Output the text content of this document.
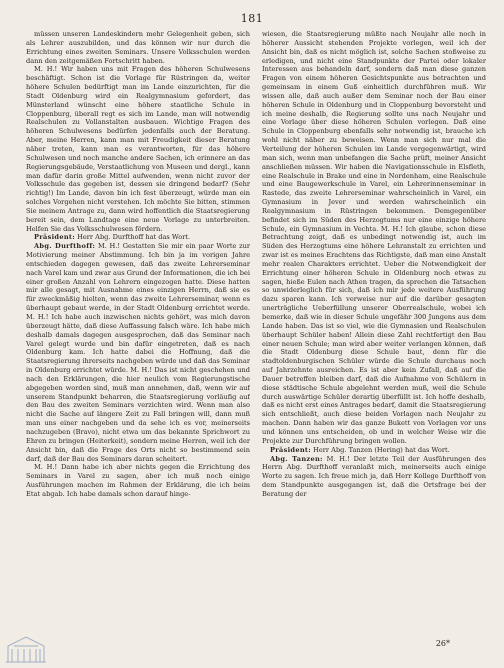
181

müssen unseren Landeskindern mehr Gelegenheit geben, sich als Lehrer auszubilden, und das können wir nur durch die Errichtung eines zweiten Seminars. Unsere Volksschulen werden dann den zeitgemäßen Fortschritt haben.

M. H.! Wir haben uns mit Fragen des höheren Schulwesens beschäftigt. Schon ist die Vorlage für Rüstringen da, weiter höhere Schulen bedürftigt man im Lande einzurichten, für die Stadt Oldenburg wird ein Realgymnasium gefordert, das Münsterland wünscht eine höhere staatliche Schule in Cloppenburg, überall regt es sich im Lande, man will notwendig Realschulen zu Vollanstalten ausbauen. Wichtige Fragen des höheren Schulwesens bedürfen jedenfalls auch der Beratung. Aber, meine Herren, kann man mit Freudigkeit dieser Beratung näher treten, kann man es verantworten, für das höhere Schulwesen und noch manche andere Sachen, ich erinnere an das Regierungsgebäude, Verstaatlichung von Museen und dergl., kann man dafür darin große Mittel aufwenden, wenn nicht zuvor der Volksschule das gegeben ist, dessen sie dringend bedarf? (Sehr richtig!) Im Lande, davon bin ich fest überzeugt, würde man ein solches Vorgehen nicht verstehen. Ich möchte Sie bitten, stimmen Sie meinem Antrage zu, dann wird hoffentlich die Staatsregierung bereit sein, dem Landtage eine neue Vorlage zu unterbreiten. Helfen Sie das Volksschulwesen fördern.

Präsident: Herr Abg. Durfthoff hat das Wort.

Abg. Durfthoff: M. H.! Gestatten Sie mir ein paar Worte zur Motivierung meiner Abstimmung. Ich bin ja im vorigen Jahre entschieden dagegen gewesen, daß das zweite Lehrerseminar nach Varel kam und zwar aus Grund der Informationen, die ich bei einer großen Anzahl von Lehrern eingezogen hatte. Diese hatten mir alle gesagt, mit Ausnahme eines einzigen Herrn, daß sie es für zweckmäßig hielten, wenn das zweite Lehrerseminar, wenn es überhaupt gebaut werde, in der Stadt Oldenburg errichtet werde. M. H.! Ich habe auch inzwischen nichts gehört, was mich davon überzeugt hätte, daß diese Auffassung falsch wäre. Ich habe mich deshalb damals dagegen ausgesprochen, daß das Seminar nach Varel gelegt wurde und bin dafür eingetreten, daß es nach Oldenburg kam. Ich hatte dabei die Hoffnung, daß die Staatsregierung ihrerseits nachgeben würde und daß das Seminar in Oldenburg errichtet würde. M. H.! Das ist nicht geschehen und nach den Erklärungen, die hier neulich vom Regierungstische abgegeben worden sind, muß man annehmen, daß, wenn wir auf unserem Standpunkt beharren, die Staatsregierung vorläufig auf den Bau des zweiten Seminars verzichten wird. Wenn man also nicht die Sache auf längere Zeit zu Fall bringen will, dann muß man uns einer nachgeben und da sehe ich es vor, meinerseits nachzugeben (Bravo), nicht etwa um das bekannte Sprichwort zu Ehren zu bringen (Heiterkeit), sondern meine Herren, weil ich der Ansicht bin, daß die Frage des Orts nicht so bestimmend sein darf, daß der Bau des Seminars daran scheitert.

M. H.! Dann habe ich aber nichts gegen die Errichtung des Seminars in Varel zu sagen, aber ich muß noch einige Ausführungen machen im Rahmen der Erklärung, die ich beim Etat abgab. Ich habe damals schon darauf hinge-

wiesen, die Staatsregierung müßte nach Neujahr alle noch in höherer Aussicht stehenden Projekte vorlegen, weil ich der Ansicht bin, daß es nicht möglich ist, solche Sachen stoßweise zu erledigen, und nicht eine Standpunkte der Partei oder lokaler Interessen aus behandeln darf, sondern daß man diese ganzen Fragen von einem höheren Gesichtspunkte aus betrachten und gemeinsam in einem Guß einheitlich durchführen muß. Wir wissen alle, daß auch außer dem Seminar noch der Bau einer höheren Schule in Oldenburg und in Cloppenburg bevorsteht und ich meine deshalb, die Regierung sollte uns nach Neujahr und eine Vorlage über diese höheren Schulen vorlegen. Daß eine Schule in Cloppenburg ebenfalls sehr notwendig ist, brauche ich wohl nicht näher zu beweisen. Wenn man sich nur mal die Verteilung der höheren Schulen im Lande vergegenwärtigt, wird man sich, wenn man unbefangen die Sache prüft, meiner Ansicht anschließen müssen. Wir haben die Navigationsschule in Elsfleth, eine Realschule in Brake und eine in Nordenham, eine Realschule und eine Baugewerkschule in Varel, ein Lehrerinnenseminar in Rastede, das zweite Lehrerseminar wahrscheinlich in Varel, ein Gymnasium in Jever und werden wahrscheinlich ein Realgymnasium in Rüstringen bekommen. Demgegenüber befindet sich im Süden des Herzogtums nur eine einzige höhere Schule, ein Gymnasium in Vechta. M. H.! Ich glaube, schon diese Betrachtung zeigt, daß es unbedingt notwendig ist, auch im Süden des Herzogtums eine höhere Lehranstalt zu errichten und zwar ist es meines Erachtens das Richtigste, daß man eine Anstalt mehr realen Charakters errichtet. Ueber die Notwendigkeit der Errichtung einer höheren Schule in Oldenburg noch etwas zu sagen, hieße Eulen nach Athen tragen, da sprechen die Tatsachen so unwiderleglich für sich, daß ich mir jede weitere Ausführung dazu sparen kann. Ich verweise nur auf die darüber gesagten unerträgliche Ueberfüllung unserer Oberrealschule, wobei ich bemerke, daß wie in dieser Schule ungefähr 300 Jungens aus dem Lande haben. Das ist so viel, wie die Gymnasien und Realschulen überhaupt Schüler haben! Allein diese Zahl rechtfertigt den Bau einer neuen Schule; man wird aber weiter verlangen können, daß die Stadt Oldenburg diese Schule baut, denn für die stadtoldenburgischen Schüler würde die Schule durchaus noch auf Jahrzehnte ausreichen. Es ist aber kein Zufall, daß auf die Dauer betreffen bleiben darf, daß die Aufnahme von Schülern in diese städtische Schule abgelehnt werden muß, weil die Schule durch auswärtige Schüler derartig überfüllt ist. Ich hoffe deshalb, daß es nicht erst eines Antrages bedarf, damit die Staatsregierung sich entschließt, auch diese beiden Vorlagen nach Neujahr zu machen. Dann haben wir das ganze Bukett von Vorlagen vor uns und können uns entscheiden, ob und in welcher Weise wir die Projekte zur Durchführung bringen wollen.

Präsident: Herr Abg. Tanzen (Hering) hat das Wort.

Abg. Tanzen: M. H.! Der letzte Teil der Ausführungen des Herrn Abg. Durfthoff veranlaßt mich, meinerseits auch einige Worte zu sagen. Ich freue mich ja, daß Herr Kollege Durfthoff von dem Standpunkte ausgegangen ist, daß die Ortsfrage bei der Beratung der

26*
